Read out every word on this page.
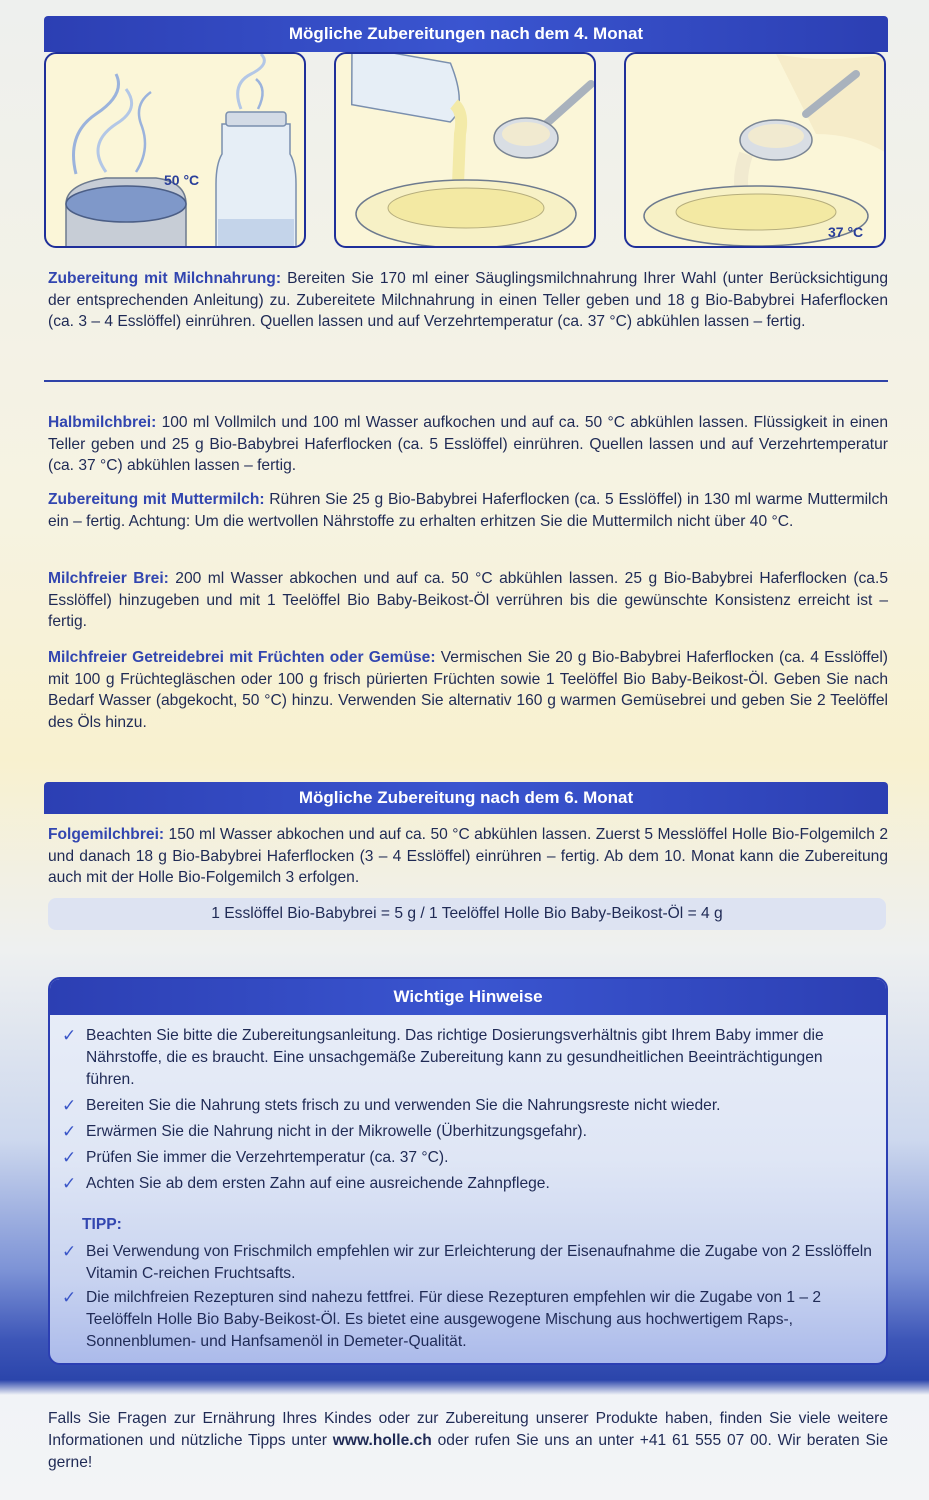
Mögliche Zubereitungen nach dem 4. Monat
50 °C
37 °C
Zubereitung mit Milchnahrung: Bereiten Sie 170 ml einer Säuglingsmilchnahrung Ihrer Wahl (unter Berücksichtigung der entsprechenden Anleitung) zu. Zubereitete Milchnahrung in einen Teller geben und 18 g Bio-Babybrei Haferflocken (ca. 3 – 4 Esslöffel) einrühren. Quellen lassen und auf Verzehrtemperatur (ca. 37 °C) abkühlen lassen – fertig.
Halbmilchbrei: 100 ml Vollmilch und 100 ml Wasser aufkochen und auf ca. 50 °C abkühlen lassen. Flüssigkeit in einen Teller geben und 25 g Bio-Babybrei Haferflocken (ca. 5 Esslöffel) einrühren. Quellen lassen und auf Verzehrtemperatur (ca. 37 °C) abkühlen lassen – fertig.
Zubereitung mit Muttermilch: Rühren Sie 25 g Bio-Babybrei Haferflocken (ca. 5 Esslöffel) in 130 ml warme Muttermilch ein – fertig. Achtung: Um die wertvollen Nährstoffe zu erhalten erhitzen Sie die Muttermilch nicht über 40 °C.
Milchfreier Brei: 200 ml Wasser abkochen und auf ca. 50 °C abkühlen lassen. 25 g Bio-Babybrei Haferflocken (ca.5 Esslöffel) hinzugeben und mit 1 Teelöffel Bio Baby-Beikost-Öl verrühren bis die gewünschte Konsistenz erreicht ist – fertig.
Milchfreier Getreidebrei mit Früchten oder Gemüse: Vermischen Sie 20 g Bio-Babybrei Haferflocken (ca. 4 Esslöffel) mit 100 g Früchtegläschen oder 100 g frisch pürierten Früchten sowie 1 Teelöffel Bio Baby-Beikost-Öl. Geben Sie nach Bedarf Wasser (abgekocht, 50 °C) hinzu. Verwenden Sie alternativ 160 g warmen Gemüsebrei und geben Sie 2 Teelöffel des Öls hinzu.
Mögliche Zubereitung nach dem 6. Monat
Folgemilchbrei: 150 ml Wasser abkochen und auf ca. 50 °C abkühlen lassen. Zuerst 5 Messlöffel Holle Bio-Folgemilch 2 und danach 18 g Bio-Babybrei Haferflocken (3 – 4 Esslöffel) einrühren – fertig. Ab dem 10. Monat kann die Zubereitung auch mit der Holle Bio-Folgemilch 3 erfolgen.
1 Esslöffel Bio-Babybrei = 5 g / 1 Teelöffel Holle Bio Baby-Beikost-Öl = 4 g
Wichtige Hinweise
✓ Beachten Sie bitte die Zubereitungsanleitung. Das richtige Dosierungsverhältnis gibt Ihrem Baby immer die Nährstoffe, die es braucht. Eine unsachgemäße Zubereitung kann zu gesundheitlichen Beeinträchtigungen führen.
✓ Bereiten Sie die Nahrung stets frisch zu und verwenden Sie die Nahrungsreste nicht wieder.
✓ Erwärmen Sie die Nahrung nicht in der Mikrowelle (Überhitzungsgefahr).
✓ Prüfen Sie immer die Verzehrtemperatur (ca. 37 °C).
✓ Achten Sie ab dem ersten Zahn auf eine ausreichende Zahnpflege.
TIPP:
✓ Bei Verwendung von Frischmilch empfehlen wir zur Erleichterung der Eisenaufnahme die Zugabe von 2 Esslöffeln Vitamin C-reichen Fruchtsafts.
✓ Die milchfreien Rezepturen sind nahezu fettfrei. Für diese Rezepturen empfehlen wir die Zugabe von 1 – 2 Teelöffeln Holle Bio Baby-Beikost-Öl. Es bietet eine ausgewogene Mischung aus hochwertigem Raps-, Sonnenblumen- und Hanfsamenöl in Demeter-Qualität.
Falls Sie Fragen zur Ernährung Ihres Kindes oder zur Zubereitung unserer Produkte haben, finden Sie viele weitere Informationen und nützliche Tipps unter www.holle.ch oder rufen Sie uns an unter +41 61 555 07 00. Wir beraten Sie gerne!
